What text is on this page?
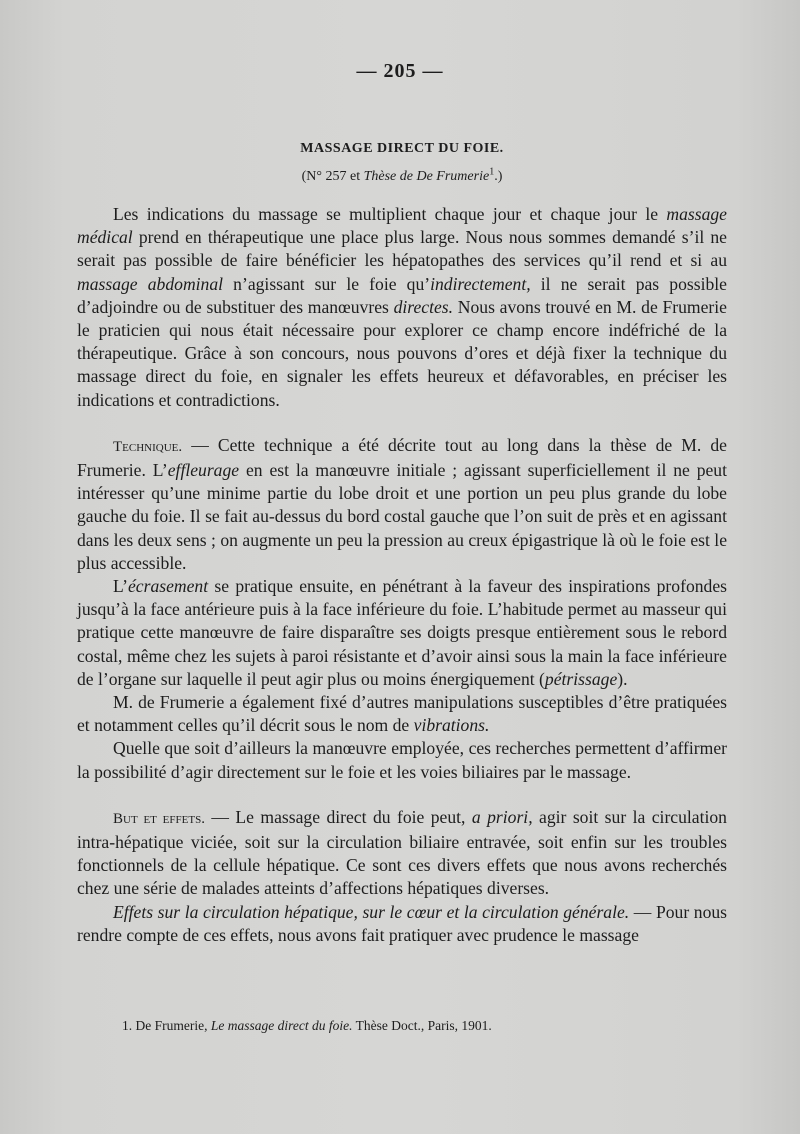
— 205 —
MASSAGE DIRECT DU FOIE.
(N° 257 et Thèse de De Frumerie$^1$.)

Les indications du massage se multiplient chaque jour et chaque jour le massage médical prend en thérapeutique une place plus large. Nous nous sommes demandé s’il ne serait pas possible de faire bénéficier les hépatopathes des services qu’il rend et si au massage abdominal n’agissant sur le foie qu’indirectement, il ne serait pas possible d’adjoindre ou de substituer des manœuvres directes. Nous avons trouvé en M. de Frumerie le praticien qui nous était nécessaire pour explorer ce champ encore indéfriché de la thérapeutique. Grâce à son concours, nous pouvons d’ores et déjà fixer la technique du massage direct du foie, en signaler les effets heureux et défavorables, en préciser les indications et contradictions.

Technique. — Cette technique a été décrite tout au long dans la thèse de M. de Frumerie. L’effleurage en est la manœuvre initiale ; agissant superficiellement il ne peut intéresser qu’une minime partie du lobe droit et une portion un peu plus grande du lobe gauche du foie. Il se fait au-dessus du bord costal gauche que l’on suit de près et en agissant dans les deux sens ; on augmente un peu la pression au creux épigastrique là où le foie est le plus accessible.

L’écrasement se pratique ensuite, en pénétrant à la faveur des inspirations profondes jusqu’à la face antérieure puis à la face inférieure du foie. L’habitude permet au masseur qui pratique cette manœuvre de faire disparaître ses doigts presque entièrement sous le rebord costal, même chez les sujets à paroi résistante et d’avoir ainsi sous la main la face inférieure de l’organe sur laquelle il peut agir plus ou moins énergiquement (pétrissage).

M. de Frumerie a également fixé d’autres manipulations susceptibles d’être pratiquées et notamment celles qu’il décrit sous le nom de vibrations.

Quelle que soit d’ailleurs la manœuvre employée, ces recherches permettent d’affirmer la possibilité d’agir directement sur le foie et les voies biliaires par le massage.

But et effets. — Le massage direct du foie peut, a priori, agir soit sur la circulation intra-hépatique viciée, soit sur la circulation biliaire entravée, soit enfin sur les troubles fonctionnels de la cellule hépatique. Ce sont ces divers effets que nous avons recherchés chez une série de malades atteints d’affections hépatiques diverses.

Effets sur la circulation hépatique, sur le cœur et la circulation générale. — Pour nous rendre compte de ces effets, nous avons fait pratiquer avec prudence le massage

1. De Frumerie, Le massage direct du foie. Thèse Doct., Paris, 1901.
